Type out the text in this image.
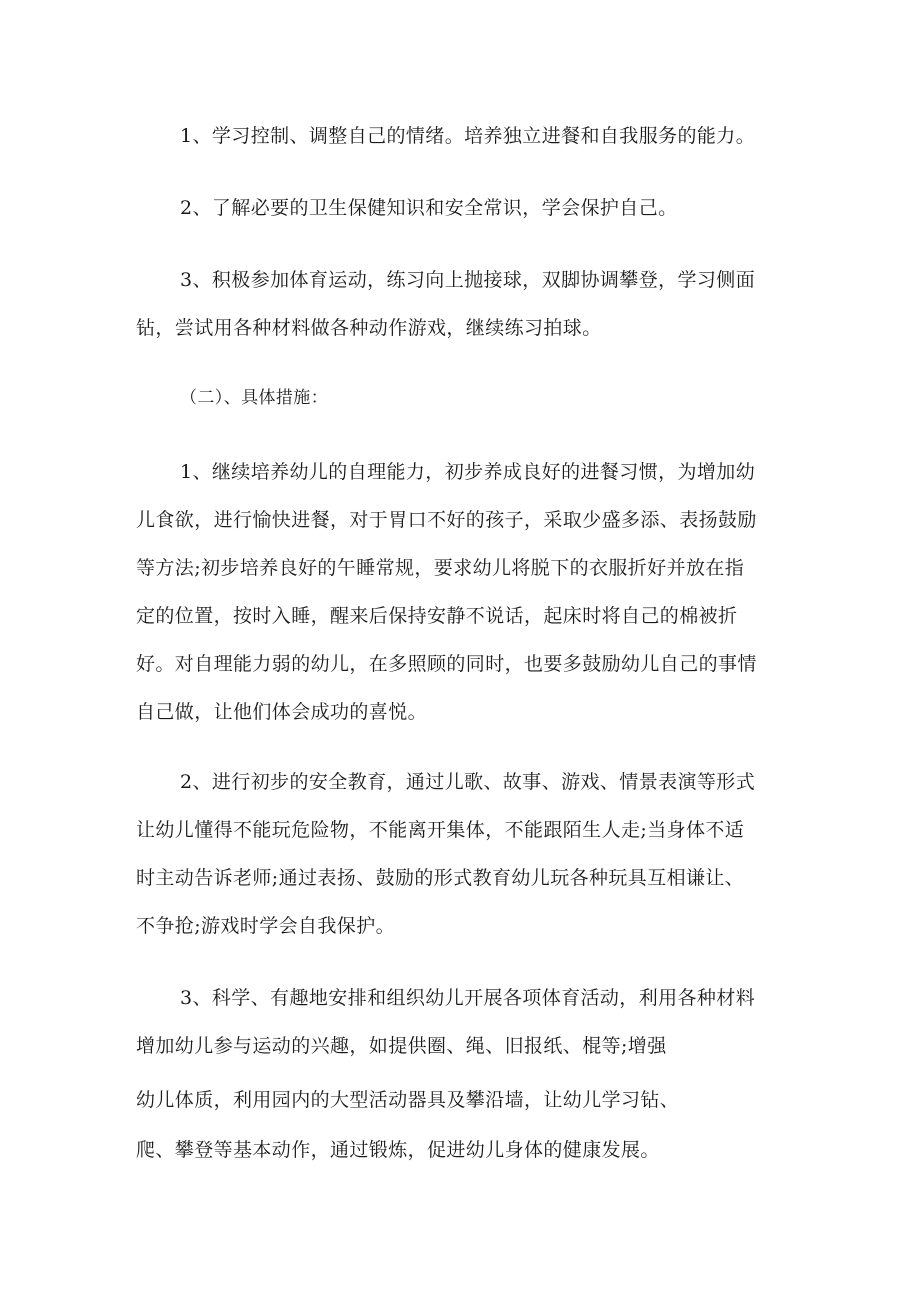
1、学习控制、调整自己的情绪。培养独立进餐和自我服务的能力。
2、了解必要的卫生保健知识和安全常识，学会保护自己。
3、积极参加体育运动，练习向上抛接球，双脚协调攀登，学习侧面
钻，尝试用各种材料做各种动作游戏，继续练习拍球。
（二）、具体措施：
1、继续培养幼儿的自理能力，初步养成良好的进餐习惯，为增加幼
儿食欲，进行愉快进餐，对于胃口不好的孩子，采取少盛多添、表扬鼓励
等方法;初步培养良好的午睡常规，要求幼儿将脱下的衣服折好并放在指
定的位置，按时入睡，醒来后保持安静不说话，起床时将自己的棉被折
好。对自理能力弱的幼儿，在多照顾的同时，也要多鼓励幼儿自己的事情
自己做，让他们体会成功的喜悦。
2、进行初步的安全教育，通过儿歌、故事、游戏、情景表演等形式
让幼儿懂得不能玩危险物，不能离开集体，不能跟陌生人走;当身体不适
时主动告诉老师;通过表扬、鼓励的形式教育幼儿玩各种玩具互相谦让、
不争抢;游戏时学会自我保护。
3、科学、有趣地安排和组织幼儿开展各项体育活动，利用各种材料
增加幼儿参与运动的兴趣，如提供圈、绳、旧报纸、棍等;增强
幼儿体质，利用园内的大型活动器具及攀沿墙，让幼儿学习钻、
爬、攀登等基本动作，通过锻炼，促进幼儿身体的健康发展。
